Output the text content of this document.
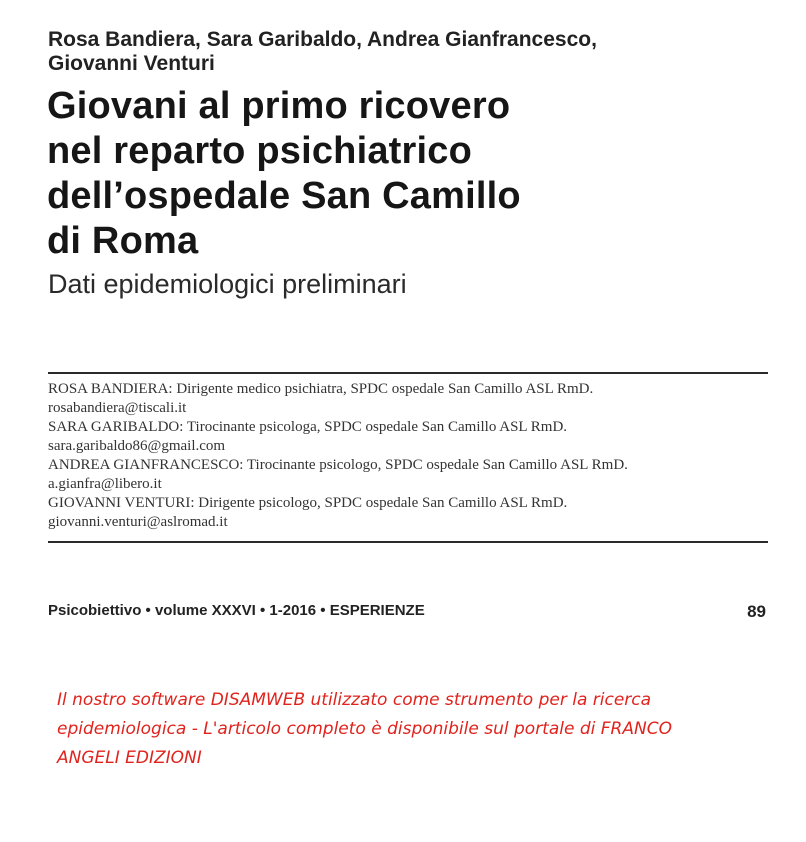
Rosa Bandiera, Sara Garibaldo, Andrea Gianfrancesco,
Giovanni Venturi
Giovani al primo ricovero
nel reparto psichiatrico
dell’ospedale San Camillo
di Roma
Dati epidemiologici preliminari
ROSA BANDIERA: Dirigente medico psichiatra, SPDC ospedale San Camillo ASL RmD.
rosabandiera@tiscali.it
SARA GARIBALDO: Tirocinante psicologa, SPDC ospedale San Camillo ASL RmD.
sara.garibaldo86@gmail.com
ANDREA GIANFRANCESCO: Tirocinante psicologo, SPDC ospedale San Camillo ASL RmD.
a.gianfra@libero.it
GIOVANNI VENTURI: Dirigente psicologo, SPDC ospedale San Camillo ASL RmD.
giovanni.venturi@aslromad.it
Psicobiettivo • volume XXXVI • 1-2016 • ESPERIENZE	89
Il nostro software DISAMWEB utilizzato come strumento per la ricerca
epidemiologica - L'articolo completo è disponibile sul portale di FRANCO
ANGELI EDIZIONI
